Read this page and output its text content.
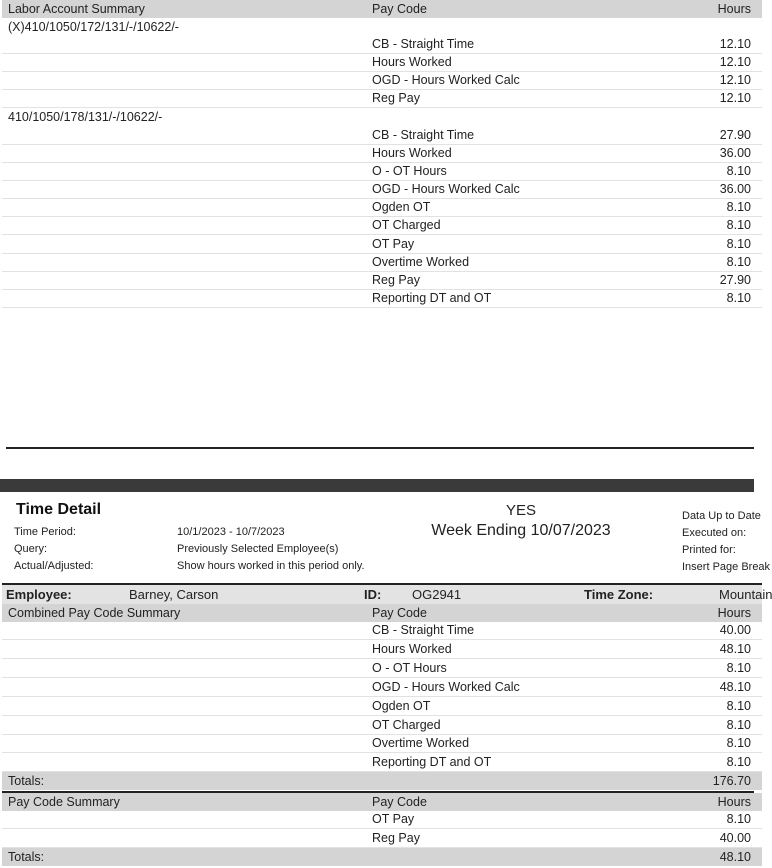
Labor Account Summary	Pay Code	Hours
(X)410/1050/172/131/-/10622/-
CB - Straight Time	12.10
Hours Worked	12.10
OGD - Hours Worked Calc	12.10
Reg Pay	12.10
410/1050/178/131/-/10622/-
CB - Straight Time	27.90
Hours Worked	36.00
O - OT Hours	8.10
OGD - Hours Worked Calc	36.00
Ogden OT	8.10
OT Charged	8.10
OT Pay	8.10
Overtime Worked	8.10
Reg Pay	27.90
Reporting DT and OT	8.10
Time Detail
Time Period:	10/1/2023 - 10/7/2023
Query:	Previously Selected Employee(s)
Actual/Adjusted:	Show hours worked in this period only.
YES
Week Ending 10/07/2023
Data Up to Date
Executed on:
Printed for:
Insert Page Break
Employee:	Barney, Carson	ID: OG2941	Time Zone:	Mountain
Combined Pay Code Summary	Pay Code	Hours
CB - Straight Time	40.00
Hours Worked	48.10
O - OT Hours	8.10
OGD - Hours Worked Calc	48.10
Ogden OT	8.10
OT Charged	8.10
Overtime Worked	8.10
Reporting DT and OT	8.10
Totals:	176.70
Pay Code Summary	Pay Code	Hours
OT Pay	8.10
Reg Pay	40.00
Totals:	48.10
